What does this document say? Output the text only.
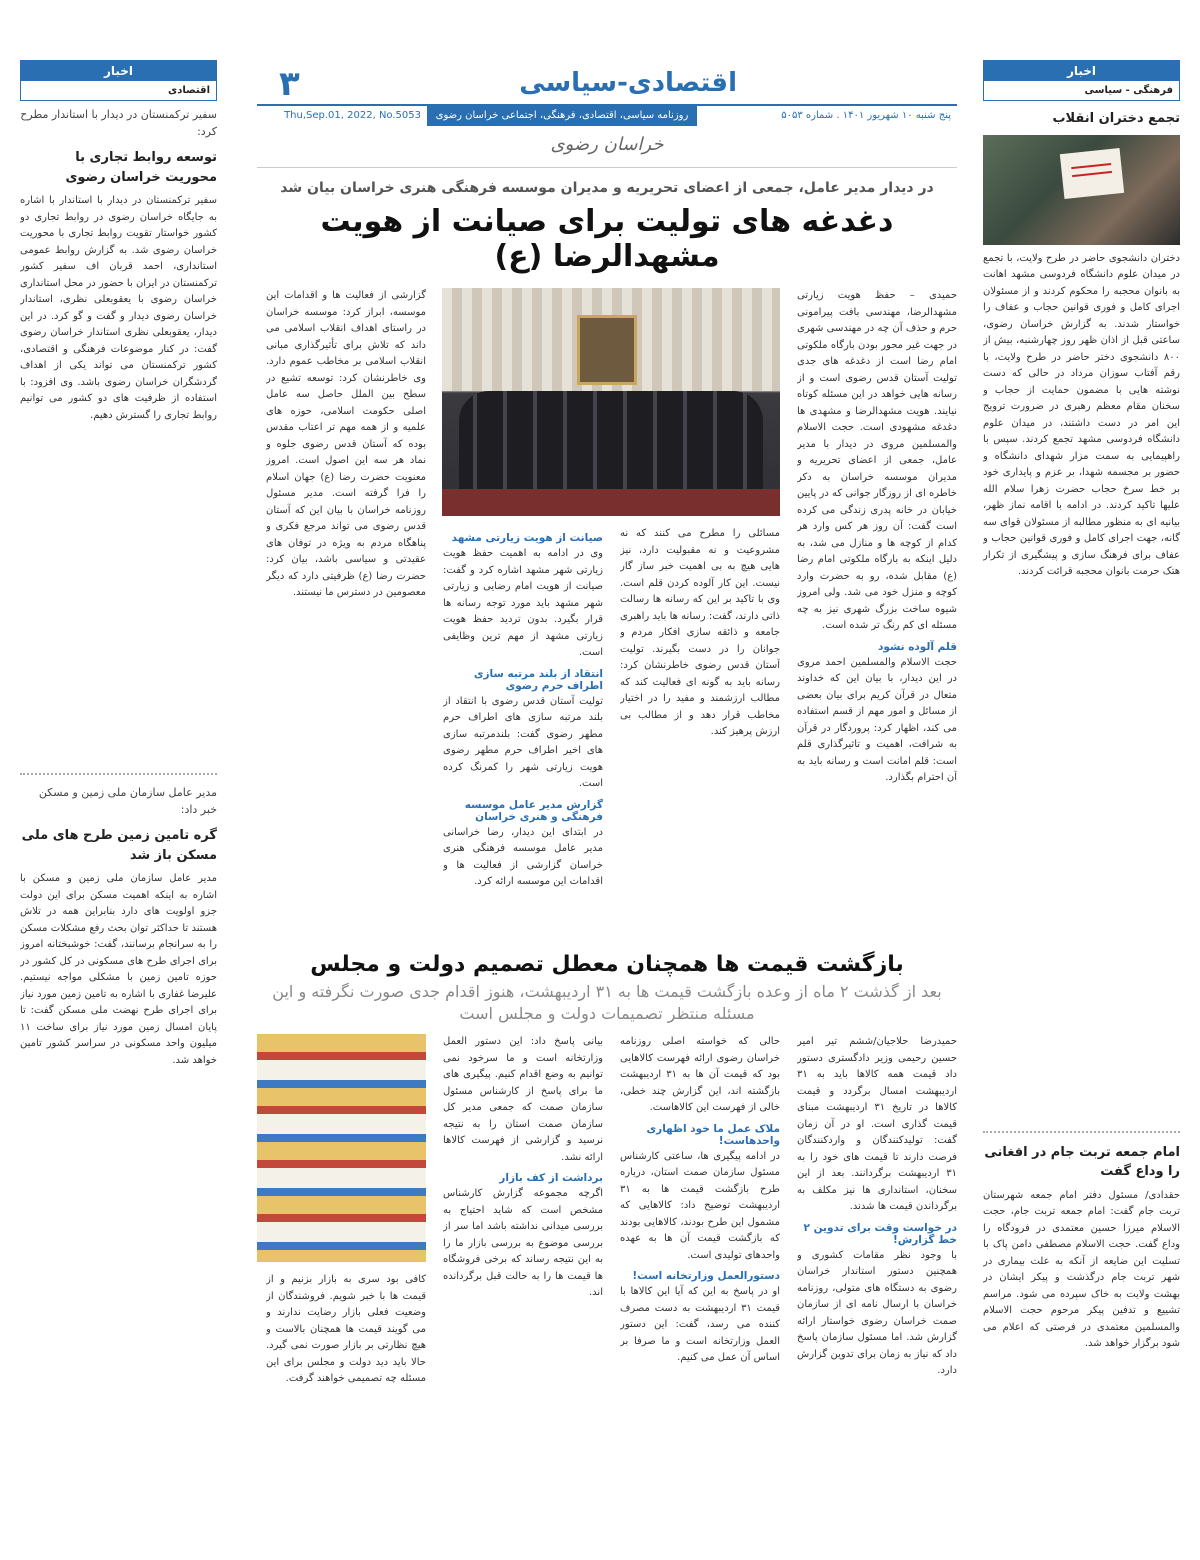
اخبار
فرهنگی - سیاسی
تجمع دختران انقلاب

دختران دانشجوی حاضر در طرح ولایت، با تجمع در میدان علوم دانشگاه فردوسی مشهد اهانت به بانوان محجبه را محکوم کردند و از مسئولان اجرای کامل و فوری قوانین حجاب و عفاف را خواستار شدند. به گزارش خراسان رضوی، ساعتی قبل از اذان ظهر روز چهارشنبه، بیش از ۸۰۰ دانشجوی دختر حاضر در طرح ولایت، با رقم آفتاب سوزان مرداد در حالی که دست نوشته هایی با مضمون حمایت از حجاب و سخنان مقام معظم رهبری در ضرورت ترویج این امر در دست داشتند، در میدان علوم دانشگاه فردوسی مشهد تجمع کردند. سپس با راهپیمایی به سمت مزار شهدای دانشگاه و حضور بر مجسمه شهدا، بر عزم و پایداری خود بر خط سرخ حجاب حضرت زهرا سلام الله علیها تاکید کردند. در ادامه با اقامه نماز ظهر، بیانیه ای به منظور مطالبه از مسئولان قوای سه گانه، جهت اجرای کامل و فوری قوانین حجاب و عفاف برای فرهنگ سازی و پیشگیری از تکرار هتک حرمت بانوان محجبه قرائت کردند.

امام جمعه تربت جام در افغانی را وداع گفت

حقدادی/ مسئول دفتر امام جمعه شهرستان تربت جام گفت: امام جمعه تربت جام، حجت الاسلام میرزا حسین معتمدی در فرودگاه را وداع گفت. حجت الاسلام مصطفی دامن پاک با تسلیت این ضایعه از آنکه به علت بیماری در شهر تربت جام درگذشت و پیکر ایشان در بهشت ولایت به خاک سپرده می شود. مراسم تشییع و تدفین پیکر مرحوم حجت الاسلام والمسلمین معتمدی در فرصتی که اعلام می شود برگزار خواهد شد.

اخبار
اقتصادی
سفیر ترکمنستان در دیدار با استاندار مطرح کرد:
توسعه روابط تجاری با محوریت خراسان رضوی

سفیر ترکمنستان در دیدار با استاندار با اشاره به جایگاه خراسان رضوی در روابط تجاری دو کشور خواستار تقویت روابط تجاری با محوریت خراسان رضوی شد. به گزارش روابط عمومی استانداری، احمد قربان اف سفیر کشور ترکمنستان در ایران با حضور در محل استانداری خراسان رضوی با یعقوبعلی نظری، استاندار خراسان رضوی دیدار و گفت و گو کرد. در این دیدار، یعقوبعلی نظری استاندار خراسان رضوی گفت: در کنار موضوعات فرهنگی و اقتصادی، کشور ترکمنستان می تواند یکی از اهداف گردشگران خراسان رضوی باشد. وی افزود: با استفاده از ظرفیت های دو کشور می توانیم روابط تجاری را گسترش دهیم.

مدیر عامل سازمان ملی زمین و مسکن خبر داد:
گره تامین زمین طرح های ملی مسکن باز شد

مدیر عامل سازمان ملی زمین و مسکن با اشاره به اینکه اهمیت مسکن برای این دولت جزو اولویت های دارد بنابراین همه در تلاش هستند تا حداکثر توان بحث رفع مشکلات مسکن را به سرانجام برسانند، گفت: خوشبختانه امروز برای اجرای طرح های مسکونی در کل کشور در حوزه تامین زمین با مشکلی مواجه نیستیم. علیرضا غفاری با اشاره به تامین زمین مورد نیاز برای اجرای طرح نهضت ملی مسکن گفت: تا پایان امسال زمین مورد نیاز برای ساخت ۱۱ میلیون واحد مسکونی در سراسر کشور تامین خواهد شد.

۳	اقتصادی-سیاسی
پنج شنبه ۱۰ شهریور ۱۴۰۱ . شماره ۵۰۵۳
روزنامه سیاسی، اقتصادی، فرهنگی، اجتماعی خراسان رضوی
Thu,Sep.01, 2022, No.5053
خراسان رضوی
در دیدار مدیر عامل، جمعی از اعضای تحریریه و مدیران موسسه فرهنگی هنری خراسان بیان شد
دغدغه های تولیت برای صیانت از هویت مشهدالرضا (ع)

حمیدی – حفظ هویت زیارتی مشهدالرضا، مهندسی بافت پیرامونی حرم و حذف آن چه در مهندسی شهری در جهت غیر محور بودن بارگاه ملکوتی امام رضا است از دغدغه های جدی تولیت آستان قدس رضوی است و از رسانه هایی خواهد در این مسئله کوتاه نیایند. هویت مشهدالرضا و مشهدی ها دغدغه مشهودی است. حجت الاسلام والمسلمین مروی در دیدار با مدیر عامل، جمعی از اعضای تحریریه و مدیران موسسه خراسان به دکر خاطره ای از روزگار جوانی که در پایین خیابان در خانه پدری زندگی می کرده است گفت: آن روز هر کس وارد هر کدام از کوچه ها و منازل می شد، به دلیل اینکه به بارگاه ملکوتی امام رضا (ع) مقابل شده، رو به حضرت وارد کوچه و منزل خود می شد. ولی امروز شیوه ساخت بزرگ شهری نیز به چه مسئله ای کم رنگ تر شده است.

قلم آلوده نشود

حجت الاسلام والمسلمین احمد مروی در این دیدار، با بیان این که خداوند متعال در قرآن کریم برای بیان بعضی از مسائل و امور مهم از قسم استفاده می کند، اظهار کرد: پروردگار در قرآن به شرافت، اهمیت و تاثیرگذاری قلم است: قلم امانت است و رسانه باید به آن احترام بگذارد.

مسائلی را مطرح می کنند که نه مشروعیت و نه مقبولیت دارد، نیز هایی هیچ به بی اهمیت خبر ساز گار نیست. این کار آلوده کردن قلم است. وی با تاکید بر این که رسانه ها رسالت ذاتی دارند، گفت: رسانه ها باید راهبری جامعه و ذائقه سازی افکار مردم و جوانان را در دست بگیرند. تولیت آستان قدس رضوی خاطرنشان کرد: رسانه باید به گونه ای فعالیت کند که مطالب ارزشمند و مفید را در اختیار مخاطب قرار دهد و از مطالب بی ارزش پرهیز کند.

صیانت از هویت زیارتی مشهد

وی در ادامه به اهمیت حفظ هویت زیارتی شهر مشهد اشاره کرد و گفت: صیانت از هویت امام رضایی و زیارتی شهر مشهد باید مورد توجه رسانه ها قرار بگیرد. بدون تردید حفظ هویت زیارتی مشهد از مهم ترین وظایفی است.

انتقاد از بلند مرتبه سازی اطراف حرم رضوی

تولیت آستان قدس رضوی با انتقاد از بلند مرتبه سازی های اطراف حرم مطهر رضوی گفت: بلندمرتبه سازی های اخیر اطراف حرم مطهر رضوی هویت زیارتی شهر را کمرنگ کرده است.

گزارش مدیر عامل موسسه فرهنگی و هنری خراسان

در ابتدای این دیدار، رضا خراسانی مدیر عامل موسسه فرهنگی هنری خراسان گزارشی از فعالیت ها و اقدامات این موسسه ارائه کرد.

گزارشی از فعالیت ها و اقدامات این موسسه، ابراز کرد: موسسه خراسان در راستای اهداف انقلاب اسلامی می داند که تلاش برای تأثیرگذاری مبانی انقلاب اسلامی بر مخاطب عموم دارد. وی خاطرنشان کرد: توسعه تشیع در سطح بین الملل حاصل سه عامل اصلی حکومت اسلامی، حوزه های علمیه و از همه مهم تر اعتاب مقدس بوده که آستان قدس رضوی جلوه و نماد هر سه این اصول است. امروز معنویت حضرت رضا (ع) جهان اسلام را فرا گرفته است. مدیر مسئول روزنامه خراسان با بیان این که آستان قدس رضوی می تواند مرجع فکری و پناهگاه مردم به ویژه در توفان های عقیدتی و سیاسی باشد، بیان کرد: حضرت رضا (ع) ظرفیتی دارد که دیگر معصومین در دسترس ما نیستند.

بازگشت قیمت ها همچنان معطل تصمیم دولت و مجلس
بعد از گذشت ۲ ماه از وعده بازگشت قیمت ها به ۳۱ اردیبهشت، هنوز اقدام جدی صورت نگرفته و این مسئله منتظر تصمیمات دولت و مجلس است

حمیدرضا حلاجیان/ششم تیر امیر حسین رحیمی وزیر دادگستری دستور داد قیمت همه کالاها باید به ۳۱ اردیبهشت امسال برگردد و قیمت کالاها در تاریخ ۳۱ اردیبهشت مبنای قیمت گذاری است. او در آن زمان گفت: تولیدکنندگان و واردکنندگان فرصت دارند تا قیمت های خود را به ۳۱ اردیبهشت برگردانند. بعد از این سخنان، استانداری ها نیز مکلف به برگرداندن قیمت ها شدند.

در خواست وقت برای تدوین ۲ خط گزارش!

با وجود نظر مقامات کشوری و همچنین دستور استاندار خراسان رضوی به دستگاه های متولی، روزنامه خراسان با ارسال نامه ای از سازمان صمت خراسان رضوی خواستار ارائه گزارش شد. اما مسئول سازمان پاسخ داد که نیاز به زمان برای تدوین گزارش دارد.

حالی که خواسته اصلی روزنامه خراسان رضوی ارائه فهرست کالاهایی بود که قیمت آن ها به ۳۱ اردیبهشت بازگشته اند، این گزارش چند خطی، خالی از فهرست این کالاهاست.

ملاک عمل ما خود اظهاری واحدهاست!

در ادامه پیگیری ها، ساعتی کارشناس مسئول سازمان صمت استان، درباره طرح بازگشت قیمت ها به ۳۱ اردیبهشت توضیح داد: کالاهایی که مشمول این طرح بودند، کالاهایی بودند که بازگشت قیمت آن ها به عهده واحدهای تولیدی است.

دستورالعمل وزارتخانه است!

او در پاسخ به این که آیا این کالاها با قیمت ۳۱ اردیبهشت به دست مصرف کننده می رسد، گفت: این دستور العمل وزارتخانه است و ما صرفا بر اساس آن عمل می کنیم.

بیانی پاسخ داد: این دستور العمل وزارتخانه است و ما سرخود نمی توانیم به وضع اقدام کنیم. پیگیری های ما برای پاسخ از کارشناس مسئول سازمان صمت که جمعی مدیر کل سازمان صمت استان را به نتیجه نرسید و گزارشی از فهرست کالاها ارائه نشد.

برداشت از کف بازار

اگرچه مجموعه گزارش کارشناس مشخص است که شاید احتیاج به بررسی میدانی نداشته باشد اما سر از بررسی موضوع به بررسی بازار ما را به این نتیجه رساند که برخی فروشگاه ها قیمت ها را به حالت قبل برگردانده اند.

کافی بود سری به بازار بزنیم و از قیمت ها با خبر شویم. فروشندگان از وضعیت فعلی بازار رضایت ندارند و می گویند قیمت ها همچنان بالاست و هیچ نظارتی بر بازار صورت نمی گیرد. حالا باید دید دولت و مجلس برای این مسئله چه تصمیمی خواهند گرفت.
